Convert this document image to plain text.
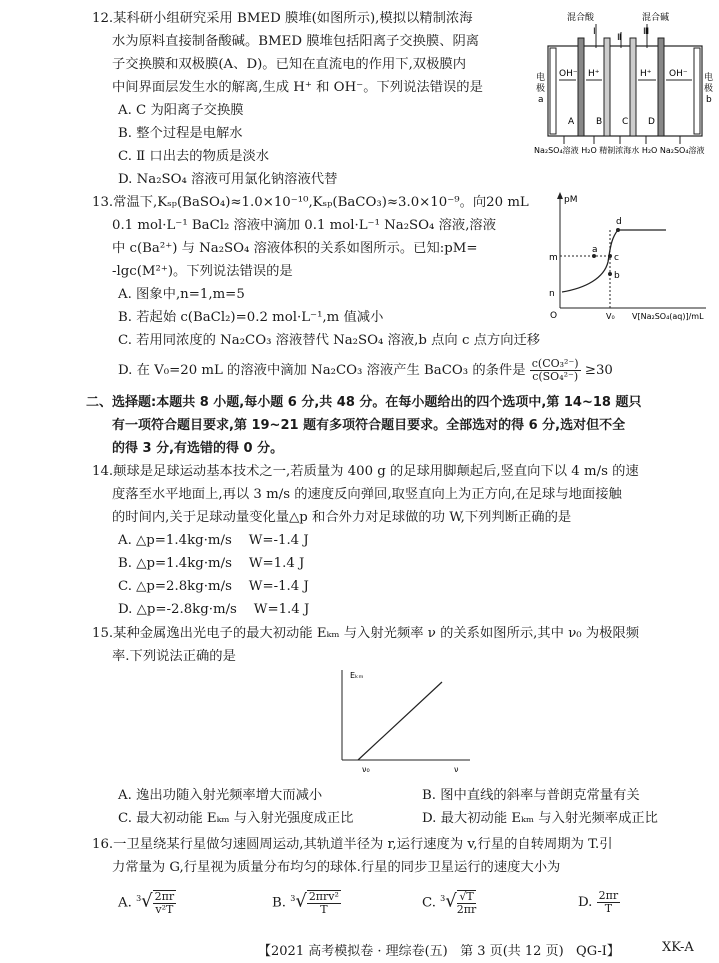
12.某科研小组研究采用 BMED 膜堆(如图所示),模拟以精制浓海
水为原料直接制备酸碱。BMED 膜堆包括阳离子交换膜、阴离
子交换膜和双极膜(A、D)。已知在直流电的作用下,双极膜内
中间界面层发生水的解离,生成 H⁺ 和 OH⁻。下列说法错误的是
A. C 为阳离子交换膜
B. 整个过程是电解水
C. Ⅱ 口出去的物质是淡水
D. Na₂SO₄ 溶液可用氯化钠溶液代替
混合酸	混合碱
Ⅰ
Ⅱ
Ⅲ
OH⁻ H⁺	H⁺ OH⁻
电
极
a
电
极
b
A B C D
Na₂SO₄溶液 H₂O 精制浓海水 H₂O Na₂SO₄溶液
13.常温下,Kₛₚ(BaSO₄)≈1.0×10⁻¹⁰,Kₛₚ(BaCO₃)≈3.0×10⁻⁹。向20 mL
0.1 mol·L⁻¹ BaCl₂ 溶液中滴加 0.1 mol·L⁻¹ Na₂SO₄ 溶液,溶液
中 c(Ba²⁺) 与 Na₂SO₄ 溶液体积的关系如图所示。已知:pM=
-lgc(M²⁺)。下列说法错误的是
A. 图象中,n=1,m=5
B. 若起始 c(BaCl₂)=0.2 mol·L⁻¹,m 值减小
C. 若用同浓度的 Na₂CO₃ 溶液替代 Na₂SO₄ 溶液,b 点向 c 点方向迁移
D. 在 V₀=20 mL 的溶液中滴加 Na₂CO₃ 溶液产生 BaCO₃ 的条件是 $\frac{\text{c(CO₃²⁻)}}{\text{c(SO₄²⁻)}} \ge 30$
pM
O	V₀ V[Na₂SO₄(aq)]/mL
m
n
a
b
c
d
二、选择题:本题共 8 小题,每小题 6 分,共 48 分。在每小题给出的四个选项中,第 14~18 题只
有一项符合题目要求,第 19~21 题有多项符合题目要求。全部选对的得 6 分,选对但不全
的得 3 分,有选错的得 0 分。
14.颠球是足球运动基本技术之一,若质量为 400 g 的足球用脚颠起后,竖直向下以 4 m/s 的速
度落至水平地面上,再以 3 m/s 的速度反向弹回,取竖直向上为正方向,在足球与地面接触
的时间内,关于足球动量变化量△p 和合外力对足球做的功 W,下列判断正确的是
A. △p=1.4kg·m/s    W=-1.4 J
B. △p=1.4kg·m/s    W=1.4 J
C. △p=2.8kg·m/s    W=-1.4 J
D. △p=-2.8kg·m/s    W=1.4 J
15.某种金属逸出光电子的最大初动能 Eₖₘ 与入射光频率 ν 的关系如图所示,其中 ν₀ 为极限频
率.下列说法正确的是
Eₖₘ
ν₀	ν
A. 逸出功随入射光频率增大而减小	B. 图中直线的斜率与普朗克常量有关
C. 最大初动能 Eₖₘ 与入射光强度成正比	D. 最大初动能 Eₖₘ 与入射光频率成正比
16.一卫星绕某行星做匀速圆周运动,其轨道半径为 r,运行速度为 v,行星的自转周期为 T.引
力常量为 G,行星视为质量分布均匀的球体.行星的同步卫星运行的速度大小为
A. $^3√ \frac{2\pi r}{\text{v²T}}$	B. $^3√ \frac{\text{2πrv²}}{T}$	C. $^3√ \frac{√T}{2\pi r}$	D. $\frac{2\pi r}{T}$
【2021 高考模拟卷 · 理综卷(五)   第 3 页(共 12 页)   QG-Ⅰ】	XK-A
